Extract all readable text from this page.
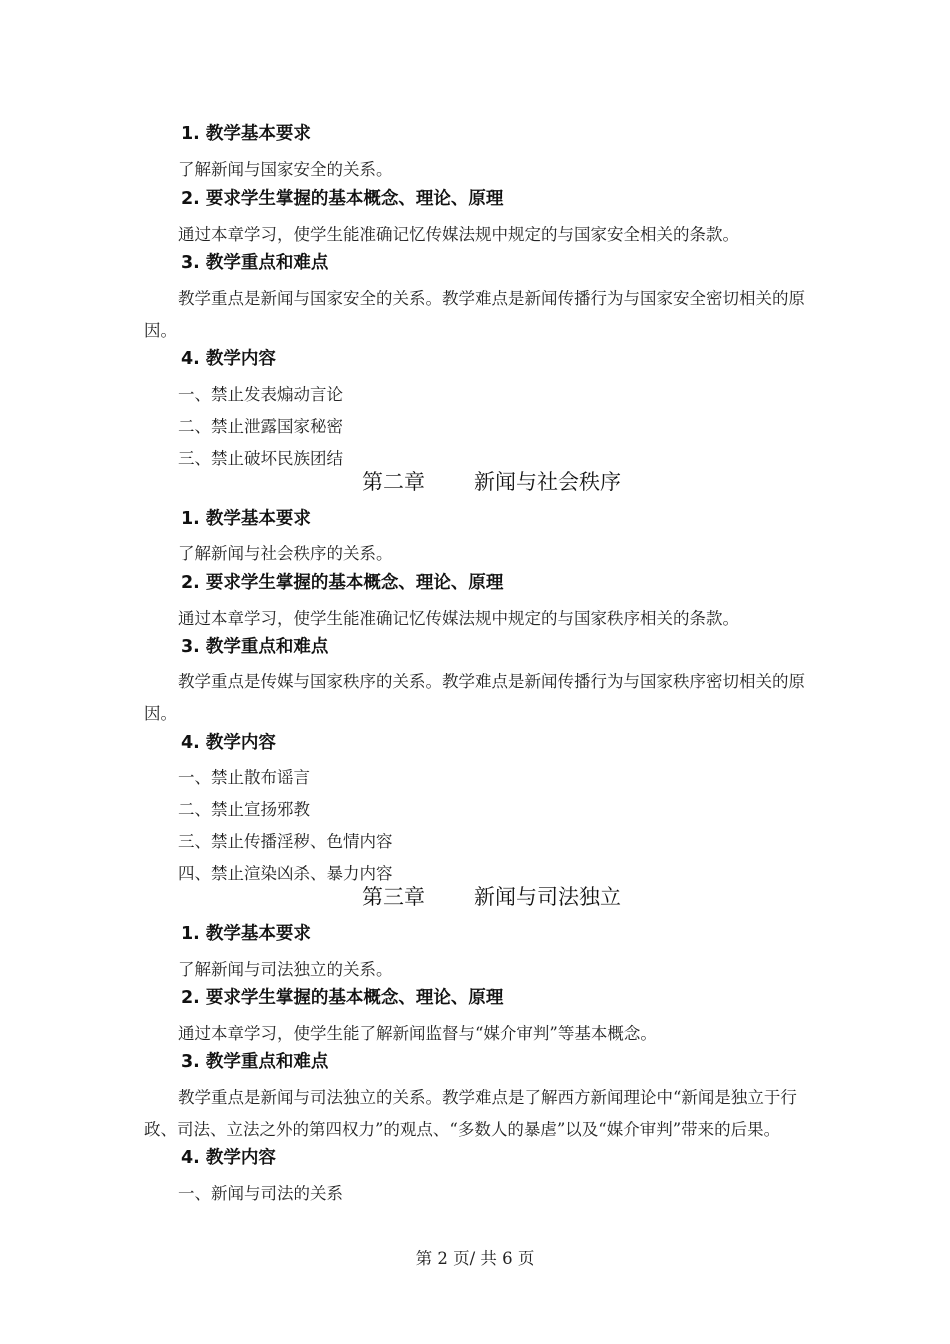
1. 教学基本要求
了解新闻与国家安全的关系。
2. 要求学生掌握的基本概念、理论、原理
通过本章学习，使学生能准确记忆传媒法规中规定的与国家安全相关的条款。
3. 教学重点和难点
教学重点是新闻与国家安全的关系。教学难点是新闻传播行为与国家安全密切相关的原
因。
4. 教学内容
一、禁止发表煽动言论
二、禁止泄露国家秘密
三、禁止破坏民族团结
第二章 新闻与社会秩序
1. 教学基本要求
了解新闻与社会秩序的关系。
2. 要求学生掌握的基本概念、理论、原理
通过本章学习，使学生能准确记忆传媒法规中规定的与国家秩序相关的条款。
3. 教学重点和难点
教学重点是传媒与国家秩序的关系。教学难点是新闻传播行为与国家秩序密切相关的原
因。
4. 教学内容
一、禁止散布谣言
二、禁止宣扬邪教
三、禁止传播淫秽、色情内容
四、禁止渲染凶杀、暴力内容
第三章 新闻与司法独立
1. 教学基本要求
了解新闻与司法独立的关系。
2. 要求学生掌握的基本概念、理论、原理
通过本章学习，使学生能了解新闻监督与“媒介审判”等基本概念。
3. 教学重点和难点
教学重点是新闻与司法独立的关系。教学难点是了解西方新闻理论中“新闻是独立于行
政、司法、立法之外的第四权力”的观点、“多数人的暴虐”以及“媒介审判”带来的后果。
4. 教学内容
一、新闻与司法的关系
第 2 页/ 共 6 页
